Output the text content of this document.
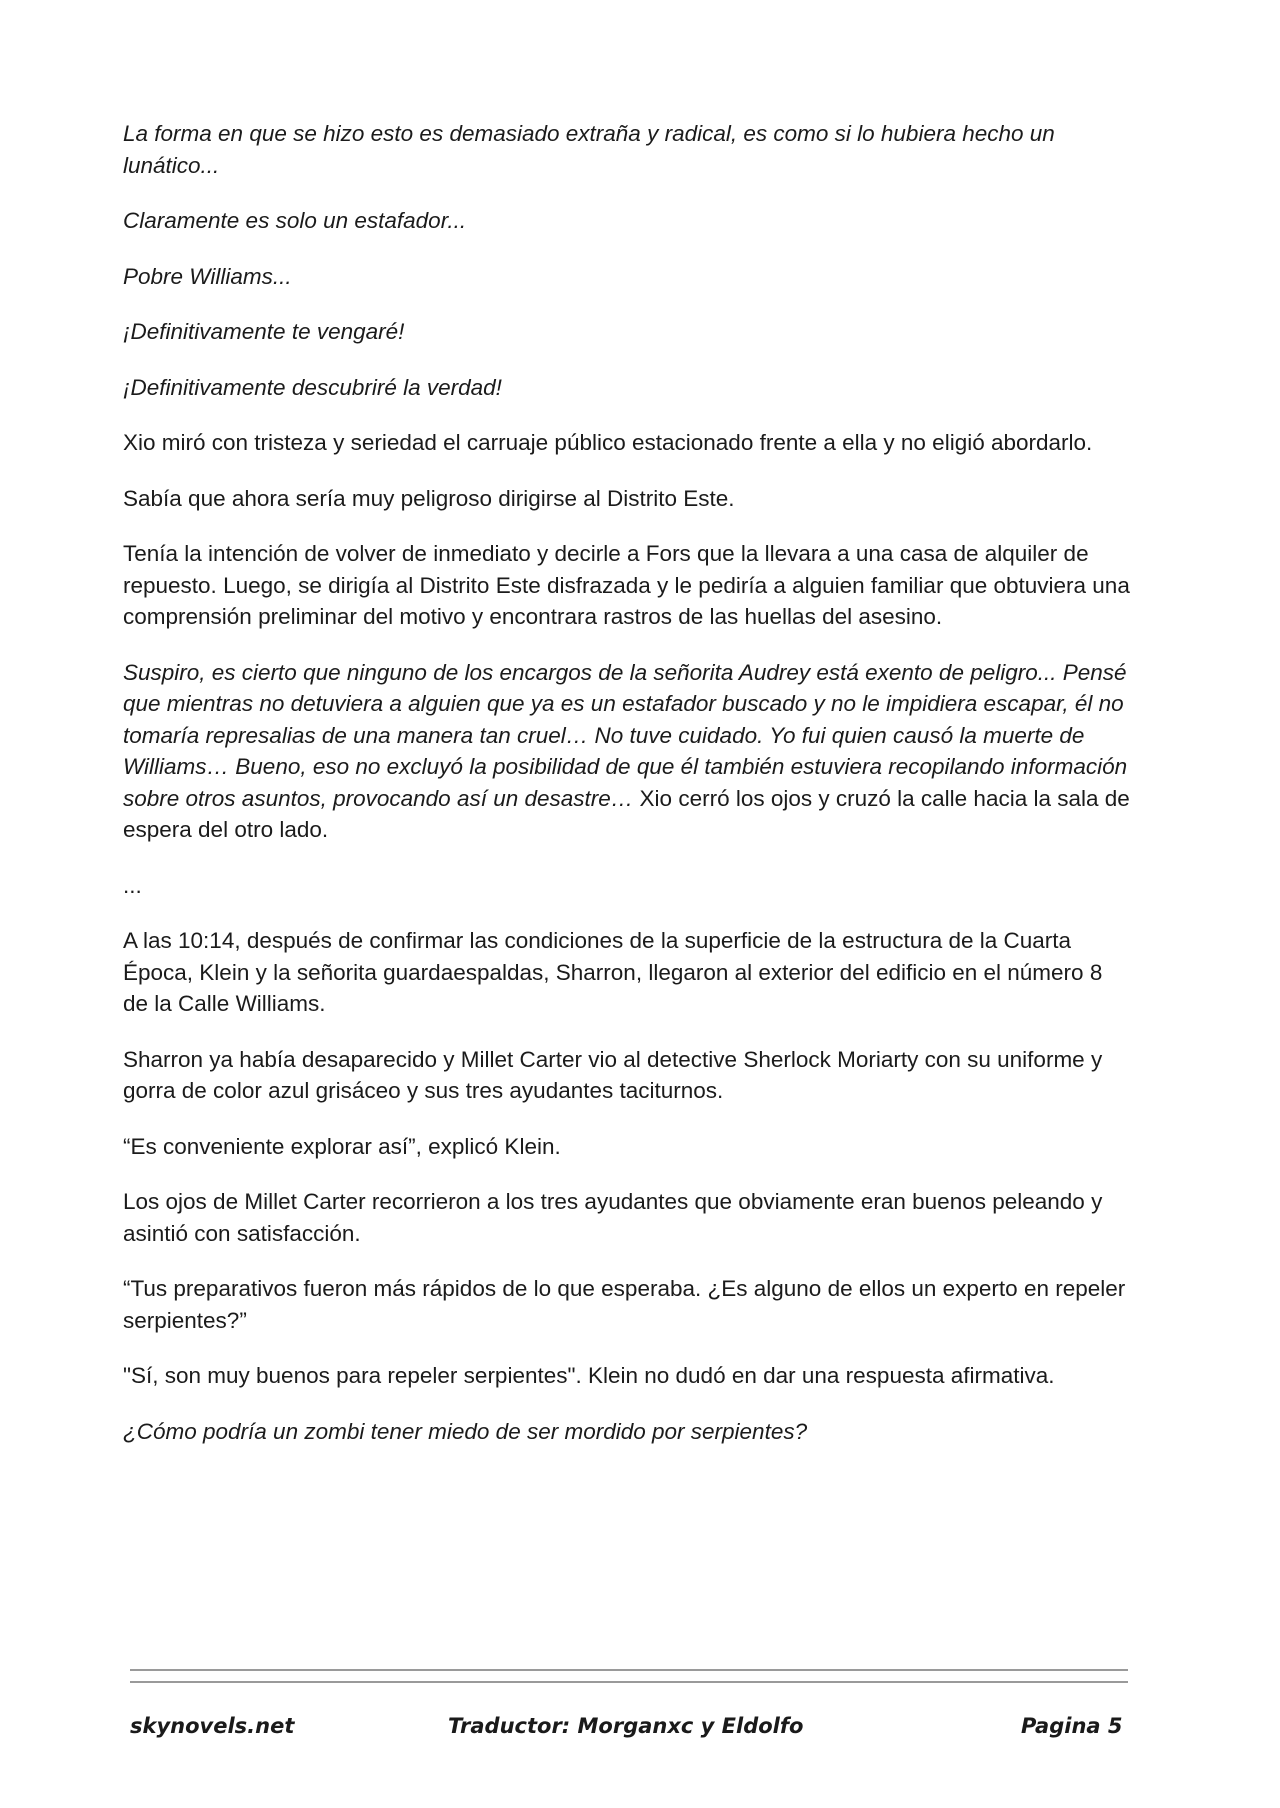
La forma en que se hizo esto es demasiado extraña y radical, es como si lo hubiera hecho un lunático...

Claramente es solo un estafador...

Pobre Williams...

¡Definitivamente te vengaré!

¡Definitivamente descubriré la verdad!

Xio miró con tristeza y seriedad el carruaje público estacionado frente a ella y no eligió abordarlo.

Sabía que ahora sería muy peligroso dirigirse al Distrito Este.

Tenía la intención de volver de inmediato y decirle a Fors que la llevara a una casa de alquiler de repuesto. Luego, se dirigía al Distrito Este disfrazada y le pediría a alguien familiar que obtuviera una comprensión preliminar del motivo y encontrara rastros de las huellas del asesino.

Suspiro, es cierto que ninguno de los encargos de la señorita Audrey está exento de peligro... Pensé que mientras no detuviera a alguien que ya es un estafador buscado y no le impidiera escapar, él no tomaría represalias de una manera tan cruel… No tuve cuidado. Yo fui quien causó la muerte de Williams… Bueno, eso no excluyó la posibilidad de que él también estuviera recopilando información sobre otros asuntos, provocando así un desastre… Xio cerró los ojos y cruzó la calle hacia la sala de espera del otro lado.

...

A las 10:14, después de confirmar las condiciones de la superficie de la estructura de la Cuarta Época, Klein y la señorita guardaespaldas, Sharron, llegaron al exterior del edificio en el número 8 de la Calle Williams.

Sharron ya había desaparecido y Millet Carter vio al detective Sherlock Moriarty con su uniforme y gorra de color azul grisáceo y sus tres ayudantes taciturnos.

“Es conveniente explorar así”, explicó Klein.

Los ojos de Millet Carter recorrieron a los tres ayudantes que obviamente eran buenos peleando y asintió con satisfacción.

“Tus preparativos fueron más rápidos de lo que esperaba. ¿Es alguno de ellos un experto en repeler serpientes?”

"Sí, son muy buenos para repeler serpientes". Klein no dudó en dar una respuesta afirmativa.

¿Cómo podría un zombi tener miedo de ser mordido por serpientes?

skynovels.net	Traductor: Morganxc y Eldolfo	Pagina 5
